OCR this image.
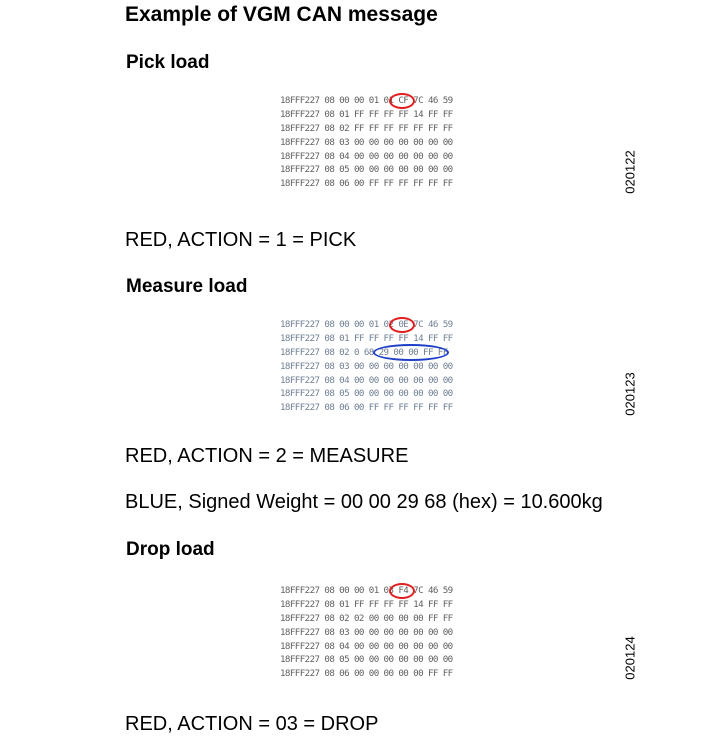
Example of VGM CAN message
Pick load
18FFF227 08 00 00 01 01 CF 7C 46 59
18FFF227 08 01 FF FF FF FF 14 FF FF
18FFF227 08 02 FF FF FF FF FF FF FF
18FFF227 08 03 00 00 00 00 00 00 00
18FFF227 08 04 00 00 00 00 00 00 00
18FFF227 08 05 00 00 00 00 00 00 00
18FFF227 08 06 00 FF FF FF FF FF FF	020122
RED, ACTION = 1 = PICK
Measure load
18FFF227 08 00 00 01 02 0E 7C 46 59
18FFF227 08 01 FF FF FF FF 14 FF FF
18FFF227 08 02 0 68 29 00 00 FF FF
18FFF227 08 03 00 00 00 00 00 00 00
18FFF227 08 04 00 00 00 00 00 00 00
18FFF227 08 05 00 00 00 00 00 00 00
18FFF227 08 06 00 FF FF FF FF FF FF	020123
RED, ACTION = 2 = MEASURE
BLUE, Signed Weight = 00 00 29 68 (hex) = 10.600kg
Drop load
18FFF227 08 00 00 01 03 F4 7C 46 59
18FFF227 08 01 FF FF FF FF 14 FF FF
18FFF227 08 02 02 00 00 00 00 FF FF
18FFF227 08 03 00 00 00 00 00 00 00
18FFF227 08 04 00 00 00 00 00 00 00
18FFF227 08 05 00 00 00 00 00 00 00
18FFF227 08 06 00 00 00 00 00 FF FF	020124
RED, ACTION = 03 = DROP
